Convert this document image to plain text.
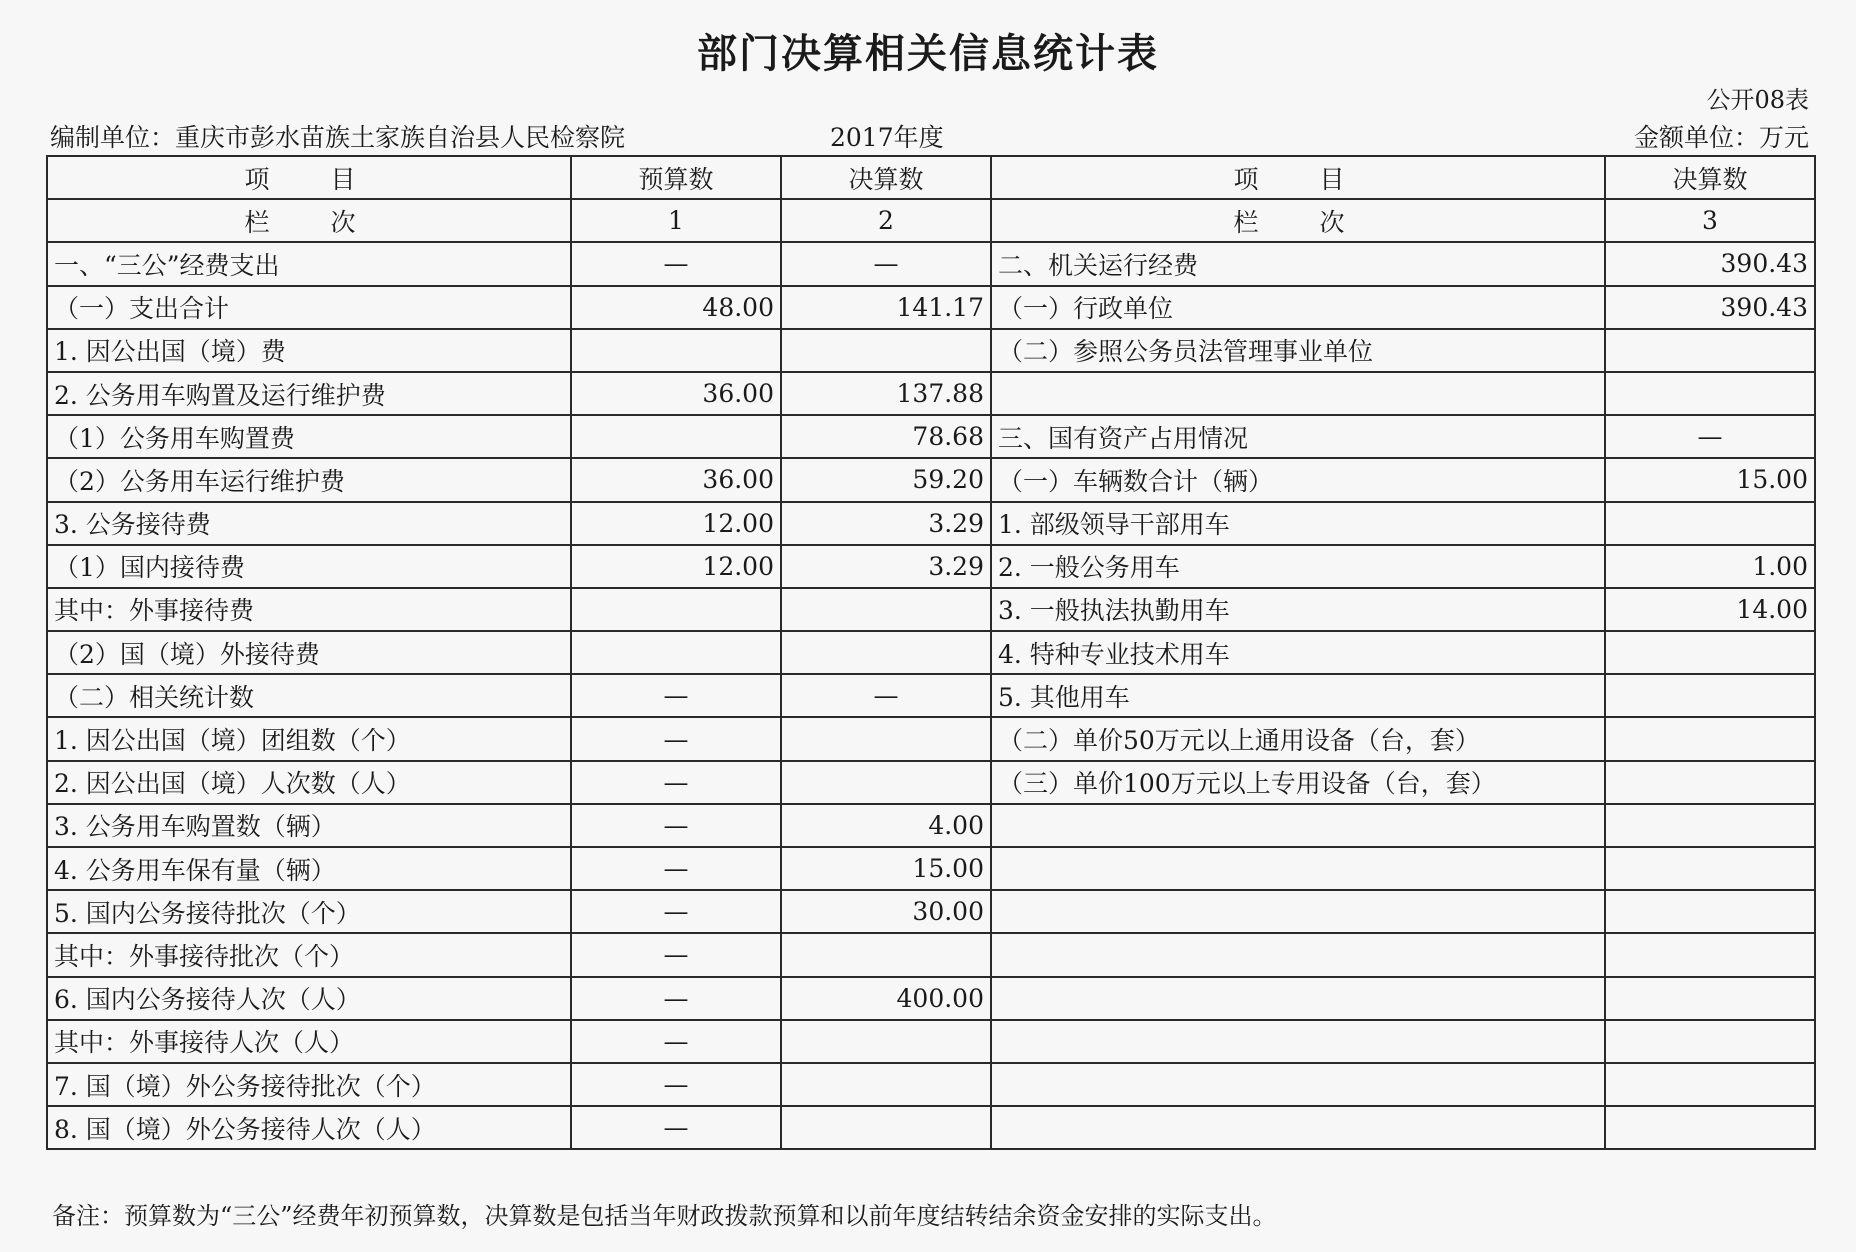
部门决算相关信息统计表
公开08表
编制单位：重庆市彭水苗族土家族自治县人民检察院	2017年度	金额单位：万元
项　目	预算数	决算数	项　目	决算数
栏　次	1	2	栏　次	3
一、“三公”经费支出	—	—	二、机关运行经费	390.43
（一）支出合计	48.00	141.17	（一）行政单位	390.43
1. 因公出国（境）费			（二）参照公务员法管理事业单位	
2. 公务用车购置及运行维护费	36.00	137.88		
（1）公务用车购置费		78.68	三、国有资产占用情况	—
（2）公务用车运行维护费	36.00	59.20	（一）车辆数合计（辆）	15.00
3. 公务接待费	12.00	3.29	1. 部级领导干部用车	
（1）国内接待费	12.00	3.29	2. 一般公务用车	1.00
其中：外事接待费			3. 一般执法执勤用车	14.00
（2）国（境）外接待费			4. 特种专业技术用车	
（二）相关统计数	—	—	5. 其他用车	
1. 因公出国（境）团组数（个）	—		（二）单价50万元以上通用设备（台，套）	
2. 因公出国（境）人次数（人）	—		（三）单价100万元以上专用设备（台，套）	
3. 公务用车购置数（辆）	—	4.00		
4. 公务用车保有量（辆）	—	15.00		
5. 国内公务接待批次（个）	—	30.00		
其中：外事接待批次（个）	—			
6. 国内公务接待人次（人）	—	400.00		
其中：外事接待人次（人）	—			
7. 国（境）外公务接待批次（个）	—			
8. 国（境）外公务接待人次（人）	—			
备注：预算数为“三公”经费年初预算数，决算数是包括当年财政拨款预算和以前年度结转结余资金安排的实际支出。
